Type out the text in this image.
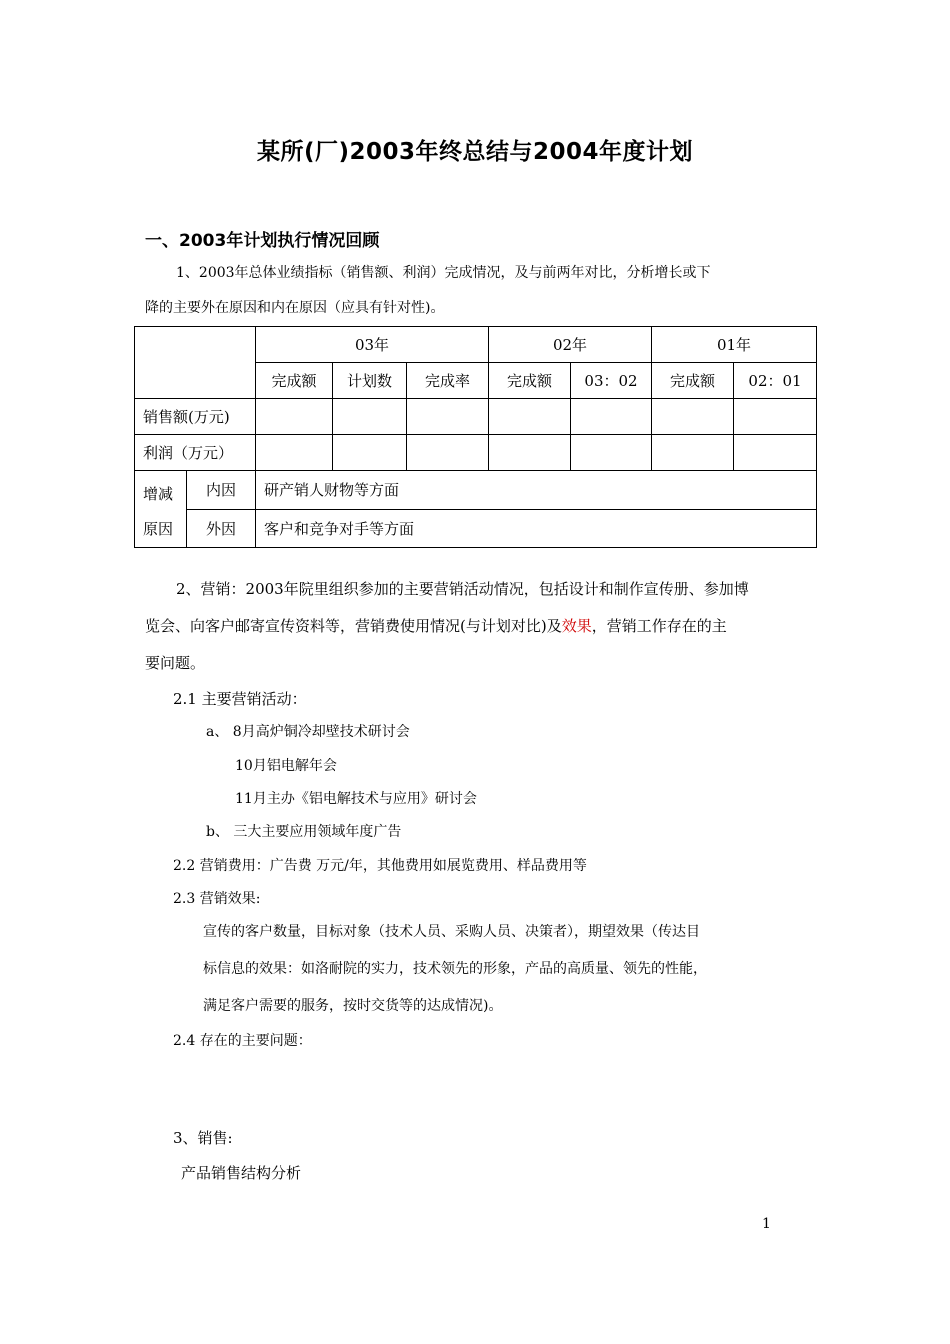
某所(厂)2003年终总结与2004年度计划
一、2003年计划执行情况回顾
1、2003年总体业绩指标（销售额、利润）完成情况，及与前两年对比，分析增长或下
降的主要外在原因和内在原因（应具有针对性)。
		03年			02年		01年	
		完成额	计划数	完成率	完成额	03：02	完成额	02：01
销售额(万元)								
利润（万元）								
增减
原因	内因	研产销人财物等方面						
	外因	客户和竞争对手等方面						
2、营销：2003年院里组织参加的主要营销活动情况，包括设计和制作宣传册、参加博
览会、向客户邮寄宣传资料等，营销费使用情况(与计划对比)及效果，营销工作存在的主
要问题。
2.1 主要营销活动：
a、 8月高炉铜冷却壁技术研讨会
10月铝电解年会
11月主办《铝电解技术与应用》研讨会
b、 三大主要应用领域年度广告
2.2 营销费用：广告费 万元/年，其他费用如展览费用、样品费用等
2.3 营销效果:
宣传的客户数量，目标对象（技术人员、采购人员、决策者），期望效果（传达目
标信息的效果：如洛耐院的实力，技术领先的形象，产品的高质量、领先的性能，
满足客户需要的服务，按时交货等的达成情况)。
2.4 存在的主要问题：
3、销售:
产品销售结构分析
1
